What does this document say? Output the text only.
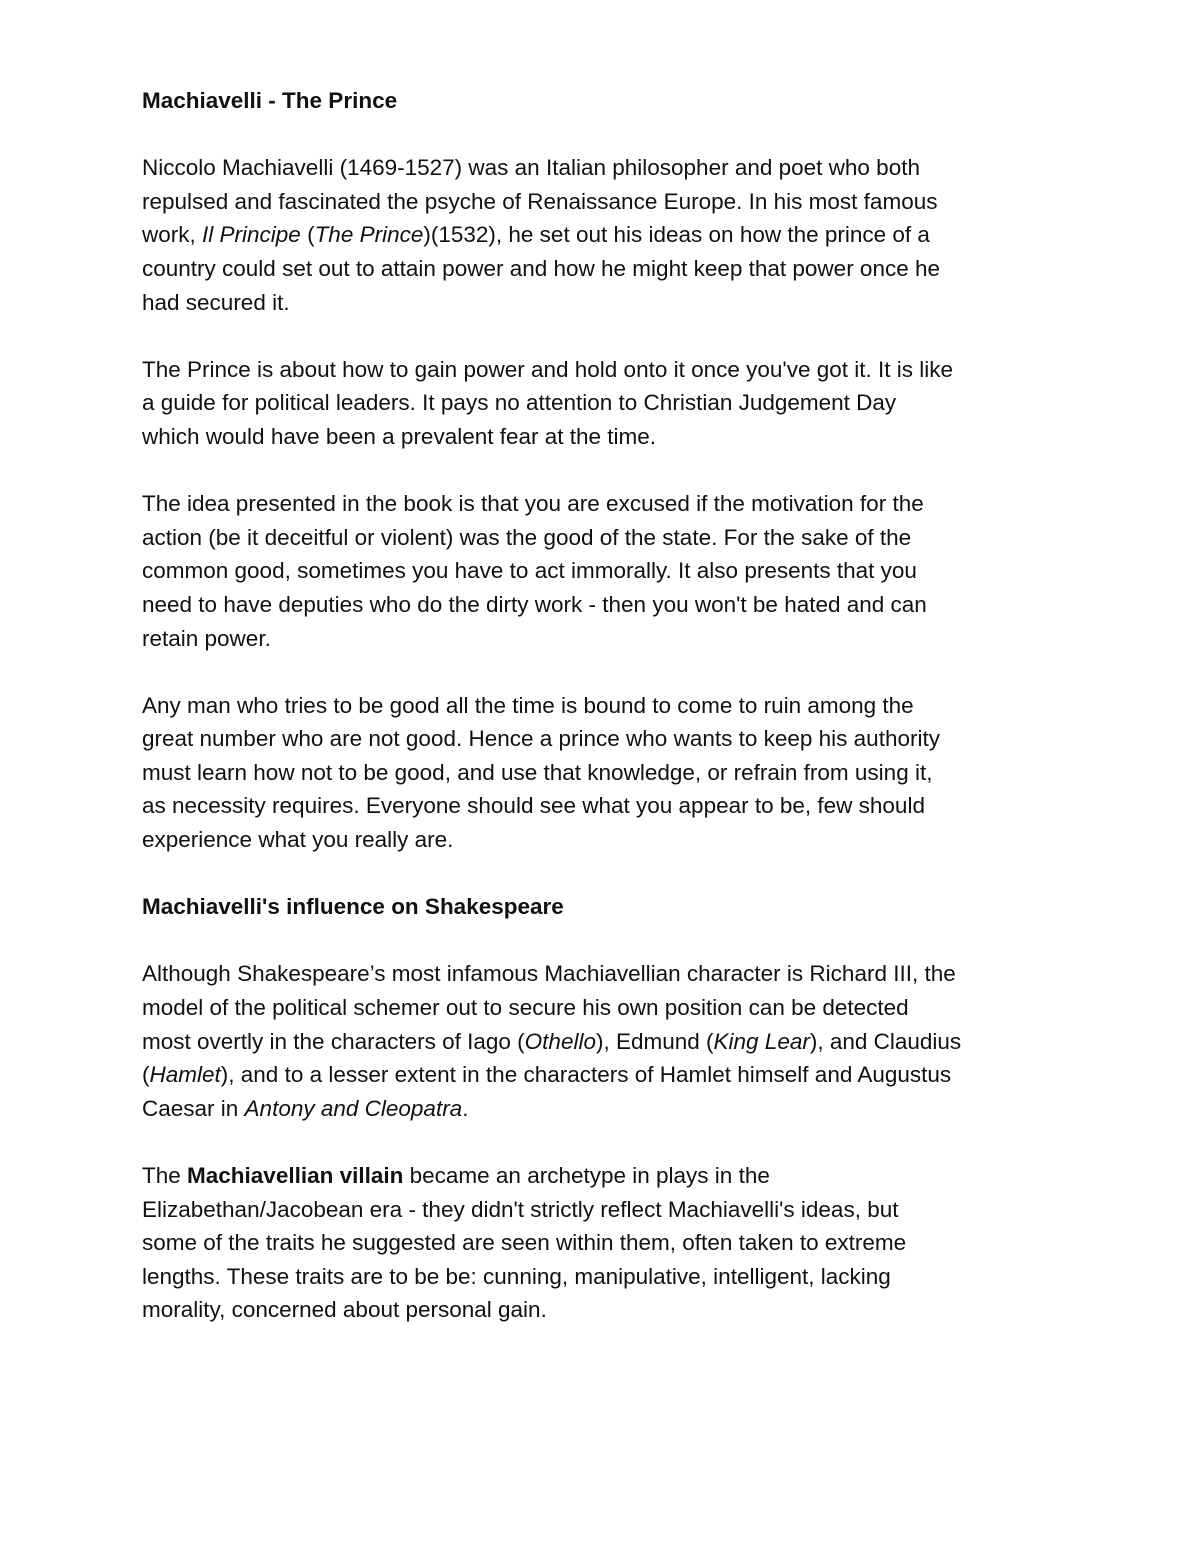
Machiavelli - The Prince
Niccolo Machiavelli (1469-1527) was an Italian philosopher and poet who both
repulsed and fascinated the psyche of Renaissance Europe. In his most famous
work, Il Principe (The Prince)(1532), he set out his ideas on how the prince of a
country could set out to attain power and how he might keep that power once he
had secured it.
The Prince is about how to gain power and hold onto it once you've got it. It is like
a guide for political leaders. It pays no attention to Christian Judgement Day
which would have been a prevalent fear at the time.
The idea presented in the book is that you are excused if the motivation for the
action (be it deceitful or violent) was the good of the state. For the sake of the
common good, sometimes you have to act immorally. It also presents that you
need to have deputies who do the dirty work - then you won't be hated and can
retain power.
Any man who tries to be good all the time is bound to come to ruin among the
great number who are not good. Hence a prince who wants to keep his authority
must learn how not to be good, and use that knowledge, or refrain from using it,
as necessity requires. Everyone should see what you appear to be, few should
experience what you really are.
Machiavelli's influence on Shakespeare
Although Shakespeare’s most infamous Machiavellian character is Richard III, the
model of the political schemer out to secure his own position can be detected
most overtly in the characters of Iago (Othello), Edmund (King Lear), and Claudius
(Hamlet), and to a lesser extent in the characters of Hamlet himself and Augustus
Caesar in Antony and Cleopatra.
The Machiavellian villain became an archetype in plays in the
Elizabethan/Jacobean era - they didn't strictly reflect Machiavelli's ideas, but
some of the traits he suggested are seen within them, often taken to extreme
lengths. These traits are to be be: cunning, manipulative, intelligent, lacking
morality, concerned about personal gain.
